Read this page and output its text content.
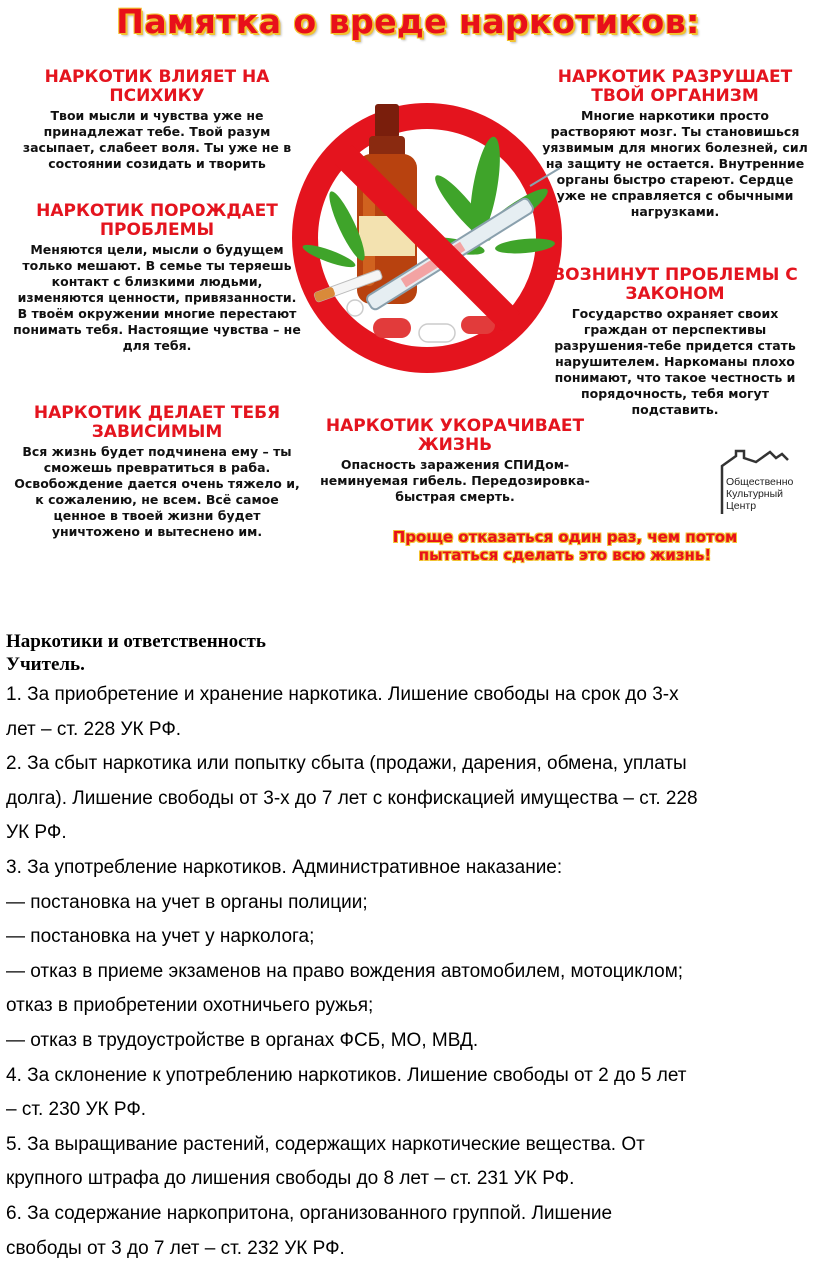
Памятка о вреде наркотиков:
НАРКОТИК ВЛИЯЕТ НА ПСИХИКУ
Твои мысли и чувства уже не принадлежат тебе. Твой разум засыпает, слабеет воля. Ты уже не в состоянии созидать и творить
НАРКОТИК ПОРОЖДАЕТ ПРОБЛЕМЫ
Меняются цели, мысли о будущем только мешают. В семье ты теряешь контакт с близкими людьми, изменяются ценности, привязанности. В твоём окружении многие перестают понимать тебя. Настоящие чувства – не для тебя.
НАРКОТИК ДЕЛАЕТ ТЕБЯ ЗАВИСИМЫМ
Вся жизнь будет подчинена ему – ты сможешь превратиться в раба. Освобождение дается очень тяжело и, к сожалению, не всем. Всё самое ценное в твоей жизни будет уничтожено и вытеснено им.
НАРКОТИК РАЗРУШАЕТ ТВОЙ ОРГАНИЗМ
Многие наркотики просто растворяют мозг. Ты становишься уязвимым для многих болезней, сил на защиту не остается. Внутренние органы быстро стареют. Сердце уже не справляется с обычными нагрузками.
ВОЗНИНУТ ПРОБЛЕМЫ С ЗАКОНОМ
Государство охраняет своих граждан от перспективы разрушения-тебе придется стать нарушителем. Наркоманы плохо понимают, что такое честность и порядочность, тебя могут подставить.
НАРКОТИК УКОРАЧИВАЕТ ЖИЗНЬ
Опасность заражения СПИДом-неминуемая гибель. Передозировка-быстрая смерть.
Общественно
Культурный
Центр
Проще отказаться один раз, чем потом пытаться сделать это всю жизнь!
Наркотики и ответственность
Учитель.

1. За приобретение и хранение наркотика. Лишение свободы на срок до 3-х

лет – ст. 228 УК РФ.

2. За сбыт наркотика или попытку сбыта (продажи, дарения, обмена, уплаты

долга). Лишение свободы от 3-х до 7 лет с конфискацией имущества – ст. 228

УК РФ.

3. За употребление наркотиков. Административное наказание:

— постановка на учет в органы полиции;

— постановка на учет у нарколога;

— отказ в приеме экзаменов на право вождения автомобилем, мотоциклом;

отказ в приобретении охотничьего ружья;

— отказ в трудоустройстве в органах ФСБ, МО, МВД.

4. За склонение к употреблению наркотиков. Лишение свободы от 2 до 5 лет

– ст. 230 УК РФ.

5. За выращивание растений, содержащих наркотические вещества. От

крупного штрафа до лишения свободы до 8 лет – ст. 231 УК РФ.

6. За содержание наркопритона, организованного группой. Лишение

свободы от 3 до 7 лет – ст. 232 УК РФ.
